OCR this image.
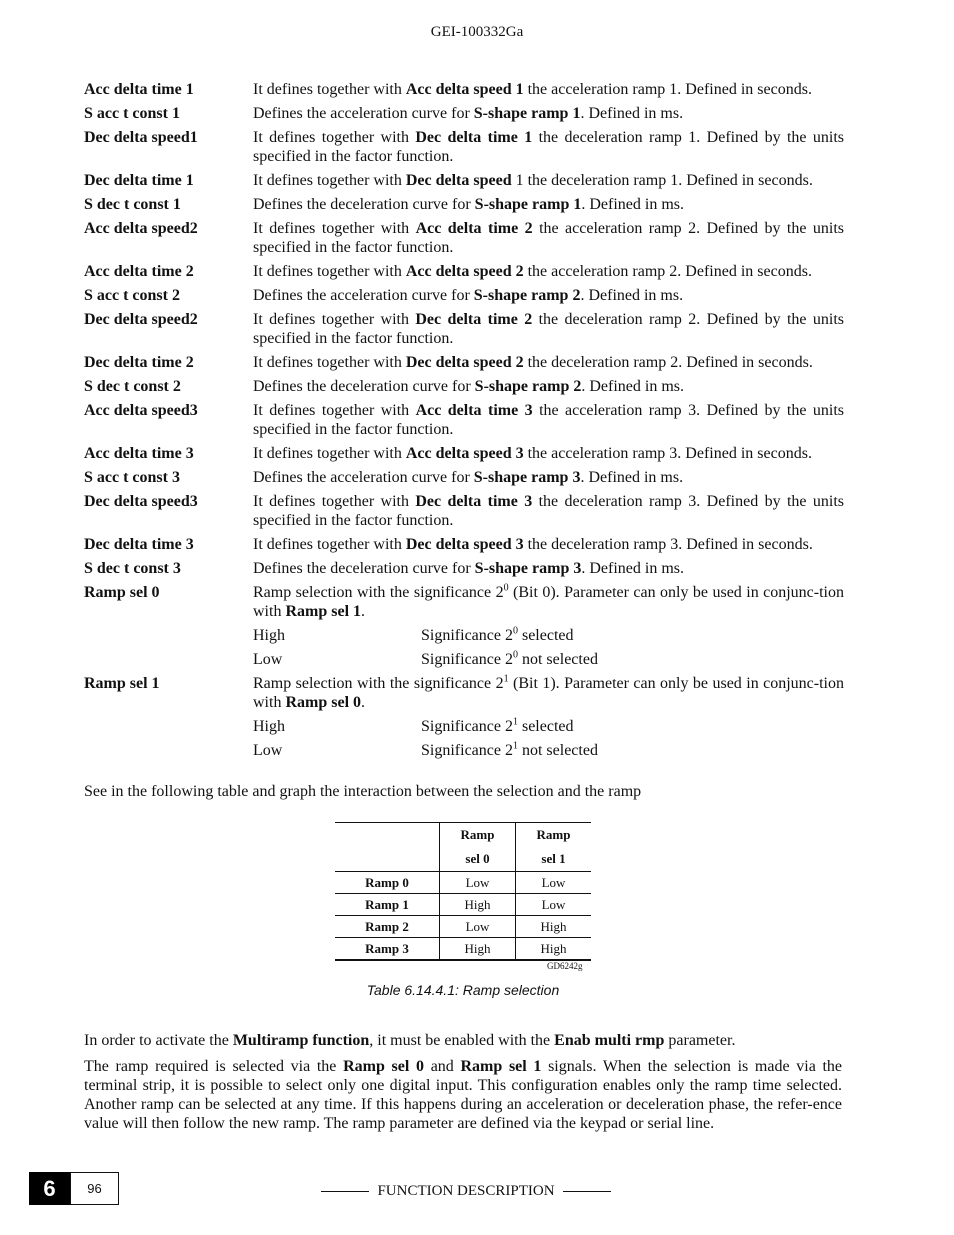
GEI-100332Ga
Acc delta time 1	It defines together with Acc delta speed 1 the acceleration ramp 1. Defined in seconds.
S acc t const 1	Defines the acceleration curve for S-shape ramp 1. Defined in ms.
Dec delta speed1	It defines together with Dec delta time 1 the deceleration ramp 1. Defined by the units specified in the factor function.
Dec delta time 1	It defines together with Dec delta speed 1 the deceleration ramp 1. Defined in seconds.
S dec t const 1	Defines the deceleration curve for S-shape ramp 1. Defined in ms.
Acc delta speed2	It defines together with Acc delta time 2 the acceleration ramp 2. Defined by the units specified in the factor function.
Acc delta time 2	It defines together with Acc delta speed 2 the acceleration ramp 2. Defined in seconds.
S acc t const 2	Defines the acceleration curve for S-shape ramp 2. Defined in ms.
Dec delta speed2	It defines together with Dec delta time 2 the deceleration ramp 2. Defined by the units specified in the factor function.
Dec delta time 2	It defines together with Dec delta speed 2 the deceleration ramp 2. Defined in seconds.
S dec t const 2	Defines the deceleration curve for S-shape ramp 2. Defined in ms.
Acc delta speed3	It defines together with Acc delta time 3 the acceleration ramp 3. Defined by the units specified in the factor function.
Acc delta time 3	It defines together with Acc delta speed 3 the acceleration ramp 3. Defined in seconds.
S acc t const 3	Defines the acceleration curve for S-shape ramp 3. Defined in ms.
Dec delta speed3	It defines together with Dec delta time 3 the deceleration ramp 3. Defined by the units specified in the factor function.
Dec delta time 3	It defines together with Dec delta speed 3 the deceleration ramp 3. Defined in seconds.
S dec t const 3	Defines the deceleration curve for S-shape ramp 3. Defined in ms.
Ramp sel 0	Ramp selection with the significance $2^0$ (Bit 0). Parameter can only be used in conjunc-tion with Ramp sel 1.
High	Significance $2^0$ selected
Low	Significance $2^0$ not selected
Ramp sel 1	Ramp selection with the significance $2^1$ (Bit 1). Parameter can only be used in conjunc-tion with Ramp sel 0.
High	Significance $2^1$ selected
Low	Significance $2^1$ not selected
See in the following table and graph the interaction between the selection and the ramp

	Ramp	Ramp

	sel 0	sel 1
Ramp 0	Low	Low
Ramp 1	High	Low
Ramp 2	Low	High
Ramp 3	High	High
GD6242g
Table 6.14.4.1: Ramp selection
In order to activate the Multiramp function, it must be enabled with the Enab multi rmp parameter.
The ramp required is selected via the Ramp sel 0 and Ramp sel 1 signals. When the selection is made via the terminal strip, it is possible to select only one digital input. This configuration enables only the ramp time selected. Another ramp can be selected at any time. If this happens during an acceleration or deceleration phase, the refer-ence value will then follow the new ramp. The ramp parameter are defined via the keypad or serial line.
6	96	FUNCTION DESCRIPTION
